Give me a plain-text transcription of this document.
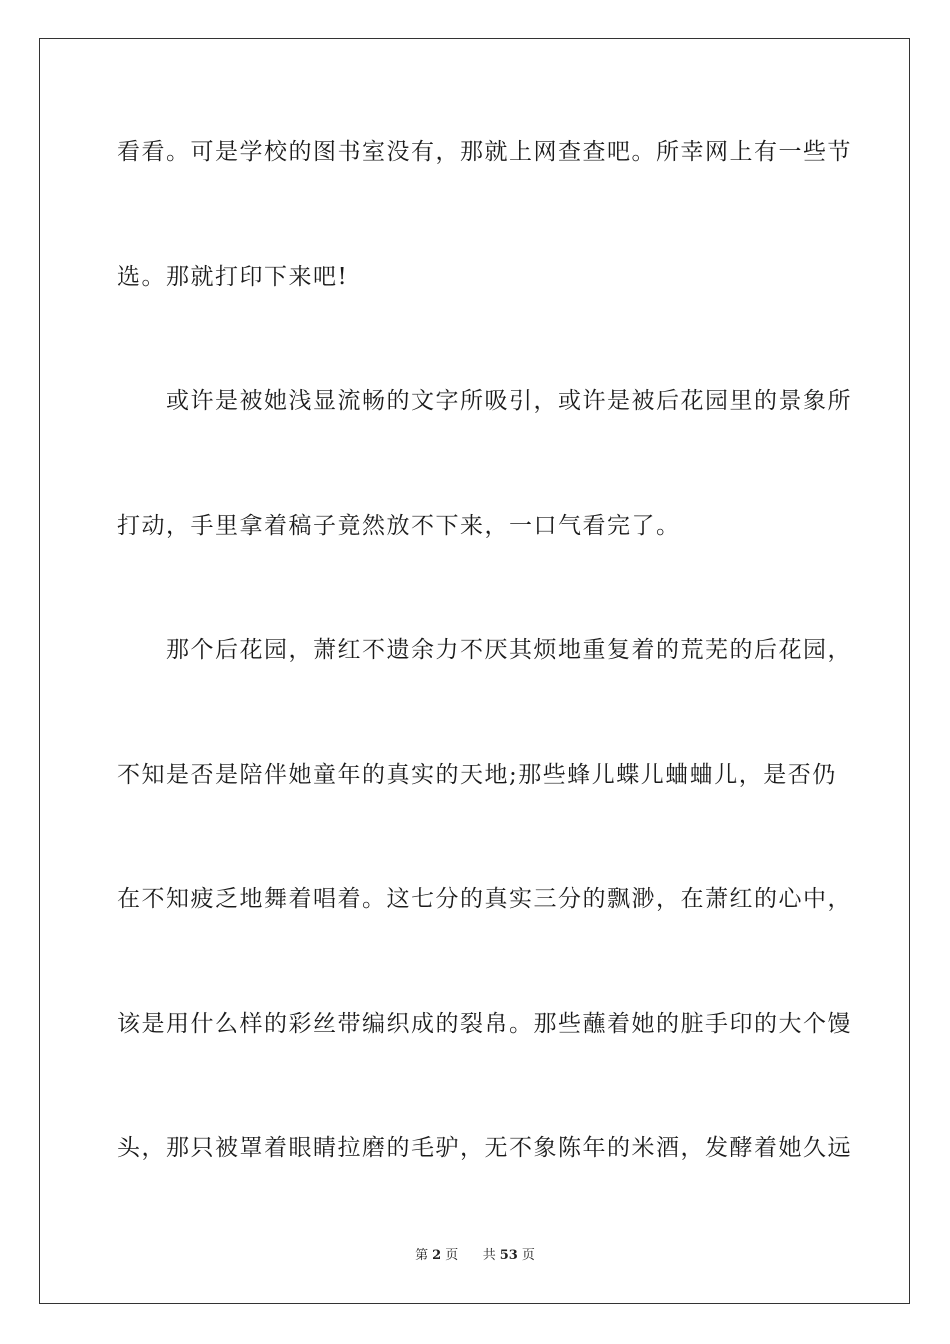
看看。可是学校的图书室没有，那就上网查查吧。所幸网上有一些节
选。那就打印下来吧!
或许是被她浅显流畅的文字所吸引，或许是被后花园里的景象所
打动，手里拿着稿子竟然放不下来，一口气看完了。
那个后花园，萧红不遗余力不厌其烦地重复着的荒芜的后花园，
不知是否是陪伴她童年的真实的天地;那些蜂儿蝶儿蛐蛐儿，是否仍
在不知疲乏地舞着唱着。这七分的真实三分的飘渺，在萧红的心中，
该是用什么样的彩丝带编织成的裂帛。那些蘸着她的脏手印的大个馒
头，那只被罩着眼睛拉磨的毛驴，无不象陈年的米酒，发酵着她久远
第 2 页 共 53 页
